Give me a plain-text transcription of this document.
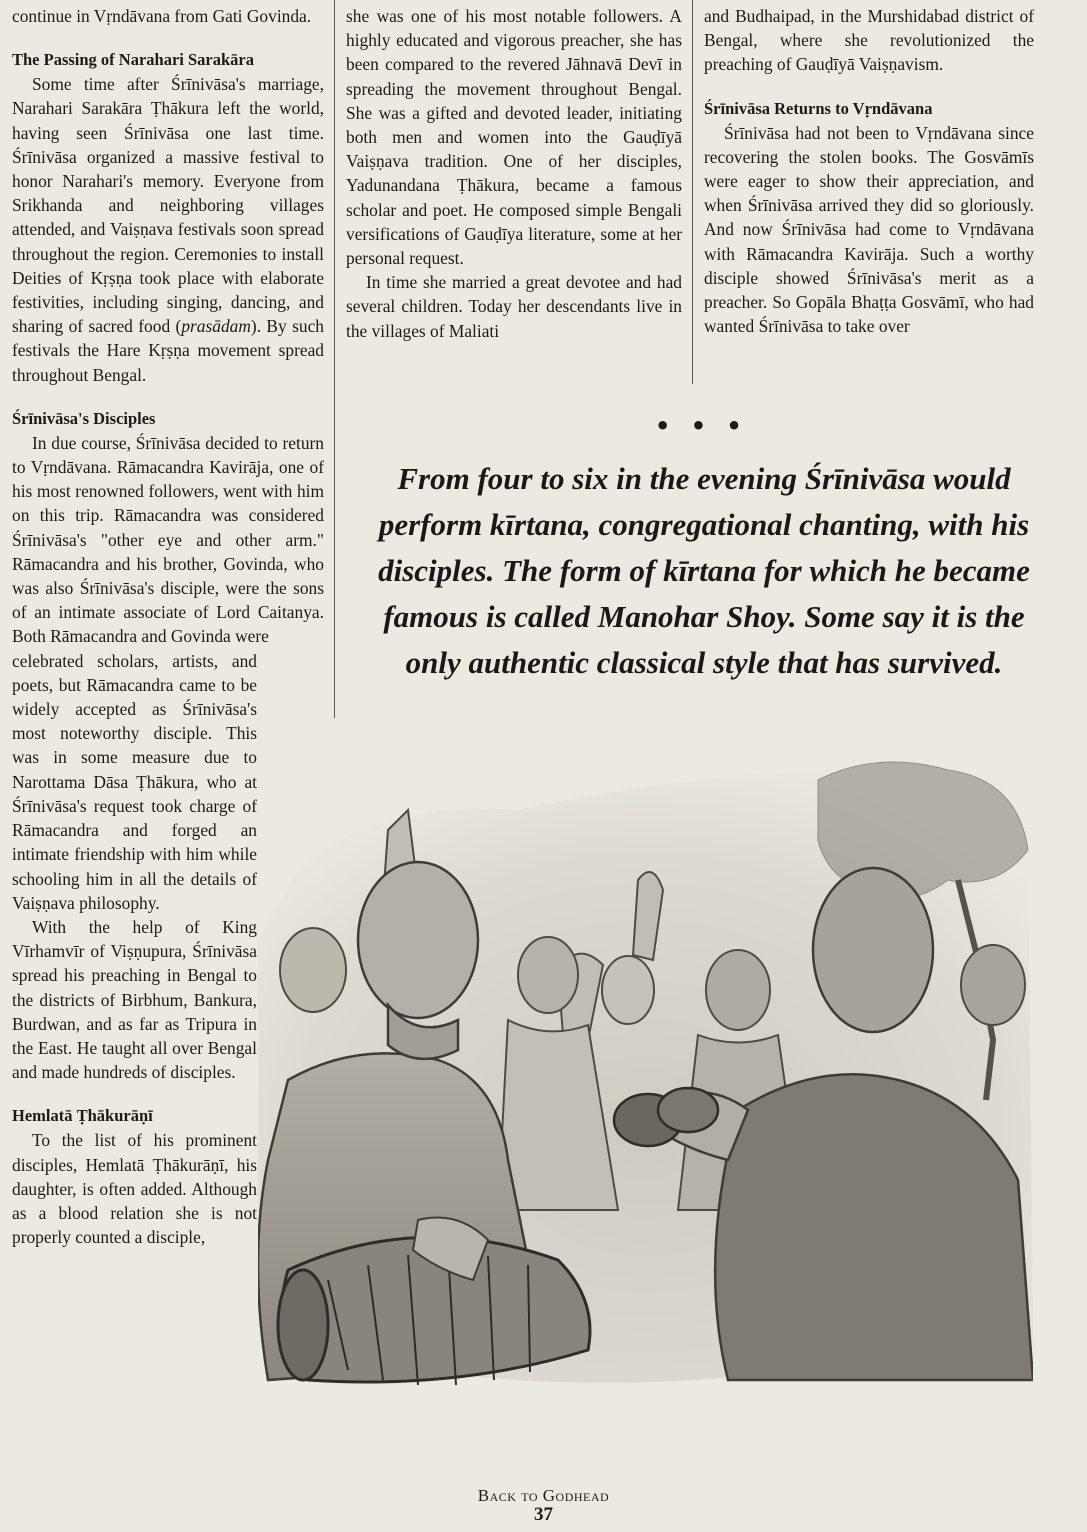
continue in Vṛndāvana from Gati Govinda.

The Passing of Narahari Sarakāra

Some time after Śrīnivāsa's marriage, Narahari Sarakāra Ṭhākura left the world, having seen Śrīnivāsa one last time. Śrīnivāsa organized a massive festival to honor Narahari's memory. Everyone from Srikhanda and neighboring villages attended, and Vaiṣṇava festivals soon spread throughout the region. Ceremonies to install Deities of Kṛṣṇa took place with elaborate festivities, including singing, dancing, and sharing of sacred food (prasādam). By such festivals the Hare Kṛṣṇa movement spread throughout Bengal.

Śrīnivāsa's Disciples

In due course, Śrīnivāsa decided to return to Vṛndāvana. Rāmacandra Kavirāja, one of his most renowned followers, went with him on this trip. Rāmacandra was considered Śrīnivāsa's "other eye and other arm." Rāmacandra and his brother, Govinda, who was also Śrīnivāsa's disciple, were the sons of an intimate associate of Lord Caitanya. Both Rāmacandra and Govinda were

celebrated scholars, artists, and poets, but Rāmacandra came to be widely accepted as Śrīnivāsa's most noteworthy disciple. This was in some measure due to Narottama Dāsa Ṭhākura, who at Śrīnivāsa's request took charge of Rāmacandra and forged an intimate friendship with him while schooling him in all the details of Vaiṣṇava philosophy.

With the help of King Vīrhamvīr of Viṣṇupura, Śrīnivāsa spread his preaching in Bengal to the districts of Birbhum, Bankura, Burdwan, and as far as Tripura in the East. He taught all over Bengal and made hundreds of disciples.

Hemlatā Ṭhākurāṇī

To the list of his prominent disciples, Hemlatā Ṭhākurāṇī, his daughter, is often added. Although as a blood relation she is not properly counted a disciple,

she was one of his most notable followers. A highly educated and vigorous preacher, she has been compared to the revered Jāhnavā Devī in spreading the movement throughout Bengal. She was a gifted and devoted leader, initiating both men and women into the Gauḍīyā Vaiṣṇava tradition. One of her disciples, Yadunandana Ṭhākura, became a famous scholar and poet. He composed simple Bengali versifications of Gauḍīya literature, some at her personal request.

In time she married a great devotee and had several children. Today her descendants live in the villages of Maliati

and Budhaipad, in the Murshidabad district of Bengal, where she revolutionized the preaching of Gauḍīyā Vaiṣṇavism.

Śrīnivāsa Returns to Vṛndāvana

Śrīnivāsa had not been to Vṛndāvana since recovering the stolen books. The Gosvāmīs were eager to show their appreciation, and when Śrīnivāsa arrived they did so gloriously. And now Śrīnivāsa had come to Vṛndāvana with Rāmacandra Kavirāja. Such a worthy disciple showed Śrīnivāsa's merit as a preacher. So Gopāla Bhaṭṭa Gosvāmī, who had wanted Śrīnivāsa to take over

• • •
From four to six in the evening Śrīnivāsa would perform kīrtana, congregational chanting, with his disciples. The form of kīrtana for which he became famous is called Manohar Shoy. Some say it is the only authentic classical style that has survived.
Back to Godhead
37
